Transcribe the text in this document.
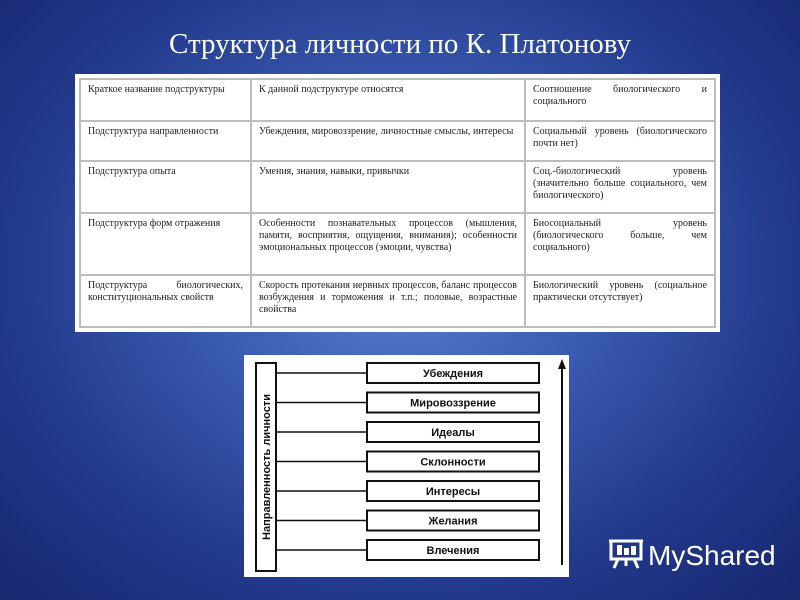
Структура личности по К. Платонову
Краткое название подструктуры	К данной подструктуре относятся	Соотношение биологического и социального
Подструктура направленности	Убеждения, мировоззрение, личностные смыслы, интересы	Социальный уровень (биологического почти нет)
Подструктура опыта	Умения, знания, навыки, привычки	Соц.-биологический уровень (значительно больше социального, чем биологического)
Подструктура форм отражения	Особенности познавательных процессов (мышления, памяти, восприятия, ощущения, внимания); особенности эмоциональных процессов (эмоции, чувства)	Биосоциальный уровень (биологического больше, чем социального)
Подструктура биологических, конституциональных свойств	Скорость протекания нервных процессов, баланс процессов возбуждения и торможения и т.п.; половые, возрастные свойства	Биологический уровень (социальное практически отсутствует)
Направленность личности
Убеждения
Мировоззрение
Идеалы
Склонности
Интересы
Желания
Влечения	MyShared
